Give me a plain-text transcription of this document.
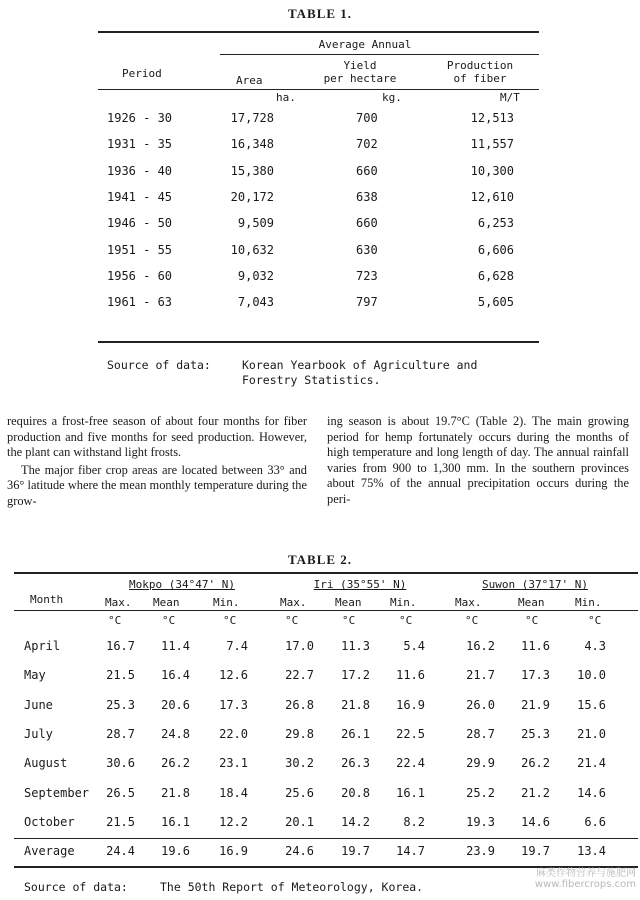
TABLE 1.
Average Annual
Period
Area
Yield
per hectare
Production
of fiber
ha.	kg.	M/T
1926 - 30	17,728	700	12,513
1931 - 35	16,348	702	11,557
1936 - 40	15,380	660	10,300
1941 - 45	20,172	638	12,610
1946 - 50	9,509	660	6,253
1951 - 55	10,632	630	6,606
1956 - 60	9,032	723	6,628
1961 - 63	7,043	797	5,605
Source of data:	Korean Yearbook of Agriculture and
Forestry Statistics.

requires a frost-free season of about four months for fiber production and five months for seed production. However, the plant can withstand light frosts.

The major fiber crop areas are located between 33° and 36° latitude where the mean monthly temperature during the grow-

ing season is about 19.7°C (Table 2). The main growing period for hemp fortunately occurs during the months of high temperature and long length of day. The annual rainfall varies from 900 to 1,300 mm. In the southern provinces about 75% of the annual precipitation occurs during the peri-

TABLE 2.
Month
Mokpo (34°47' N)	Iri (35°55' N)	Suwon (37°17' N)
Max. Mean	Min.	Max.	Mean	Min.	Max.	Mean	Min.
°C	°C	°C	°C	°C	°C	°C	°C	°C
April	16.7	11.4	7.4	17.0	11.3	5.4	16.2	11.6	4.3
May	21.5	16.4	12.6	22.7	17.2	11.6	21.7	17.3	10.0
June	25.3	20.6	17.3	26.8	21.8	16.9	26.0	21.9	15.6
July	28.7	24.8	22.0	29.8	26.1	22.5	28.7	25.3	21.0
August	30.6	26.2	23.1	30.2	26.3	22.4	29.9	26.2	21.4
September	26.5	21.8	18.4	25.6	20.8	16.1	25.2	21.2	14.6
October	21.5	16.1	12.2	20.1	14.2	8.2	19.3	14.6	6.6
Average	24.4	19.6	16.9	24.6	19.7	14.7	23.9	19.7	13.4
Source of data:	The 50th Report of Meteorology, Korea.
麻类作物营养与施肥网
www.fibercrops.com
